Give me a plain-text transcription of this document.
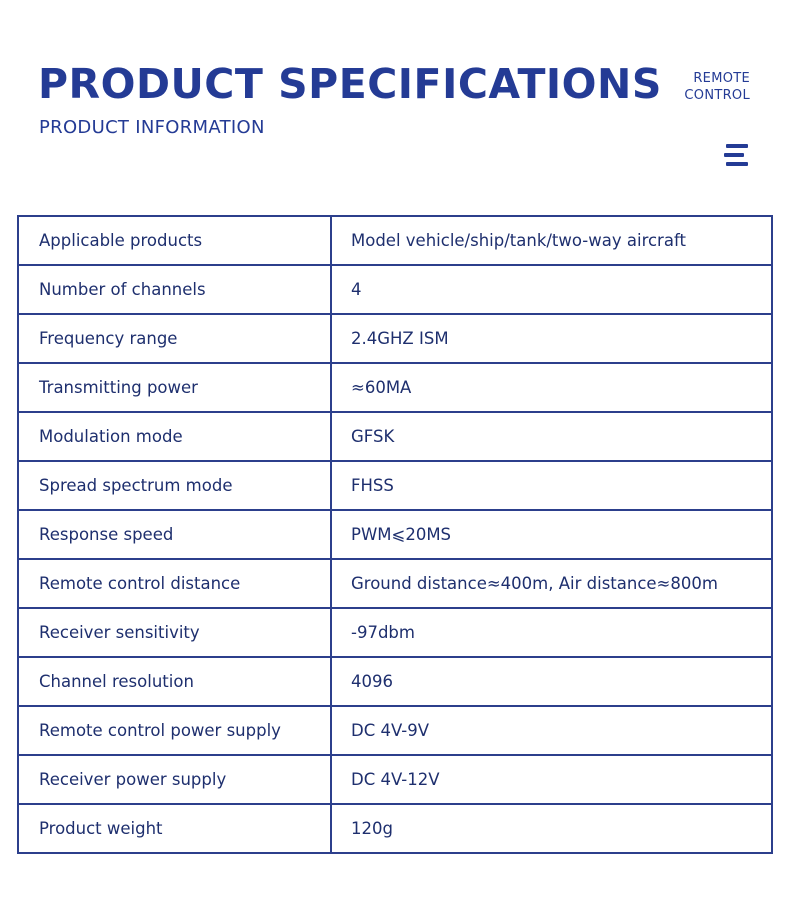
PRODUCT SPECIFICATIONS
PRODUCT INFORMATION
REMOTE
CONTROL
Applicable products	Model vehicle/ship/tank/two-way aircraft
Number of channels	4
Frequency range	2.4GHZ ISM
Transmitting power	≈60MA
Modulation mode	GFSK
Spread spectrum mode	FHSS
Response speed	PWM⩽20MS
Remote control distance	Ground distance≈400m, Air distance≈800m
Receiver sensitivity	-97dbm
Channel resolution	4096
Remote control power supply	DC 4V-9V
Receiver power supply	DC 4V-12V
Product weight	120g
